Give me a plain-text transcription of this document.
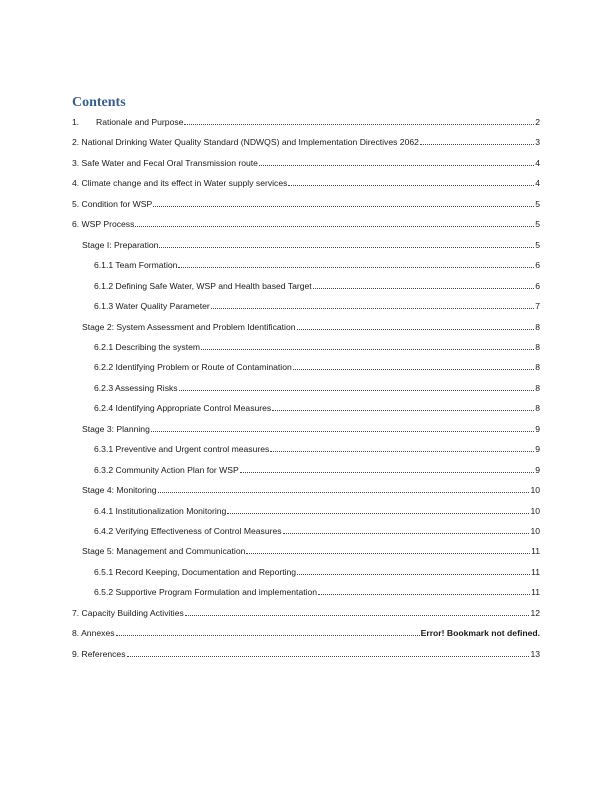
Contents
1.	Rationale and Purpose	2
2. National Drinking Water Quality Standard (NDWQS) and Implementation Directives 2062	3
3. Safe Water and Fecal Oral Transmission route	4
4. Climate change and its effect in Water supply services	4
5. Condition for WSP	5
6. WSP Process	5
Stage I: Preparation	5
6.1.1 Team Formation	6
6.1.2 Defining Safe Water, WSP and Health based Target	6
6.1.3 Water Quality Parameter	7
Stage 2: System Assessment and Problem Identification	8
6.2.1 Describing the system	8
6.2.2 Identifying Problem or Route of Contamination	8
6.2.3 Assessing Risks	8
6.2.4 Identifying Appropriate Control Measures	8
Stage 3: Planning	9
6.3.1 Preventive and Urgent control measures	9
6.3.2 Community Action Plan for WSP	9
Stage 4: Monitoring	10
6.4.1 Institutionalization Monitoring	10
6.4.2 Verifying Effectiveness of Control Measures	10
Stage 5: Management and Communication	11
6.5.1 Record Keeping, Documentation and Reporting	11
6.5.2 Supportive Program Formulation and implementation	11
7. Capacity Building Activities	12
8. Annexes	Error! Bookmark not defined.
9. References	13
